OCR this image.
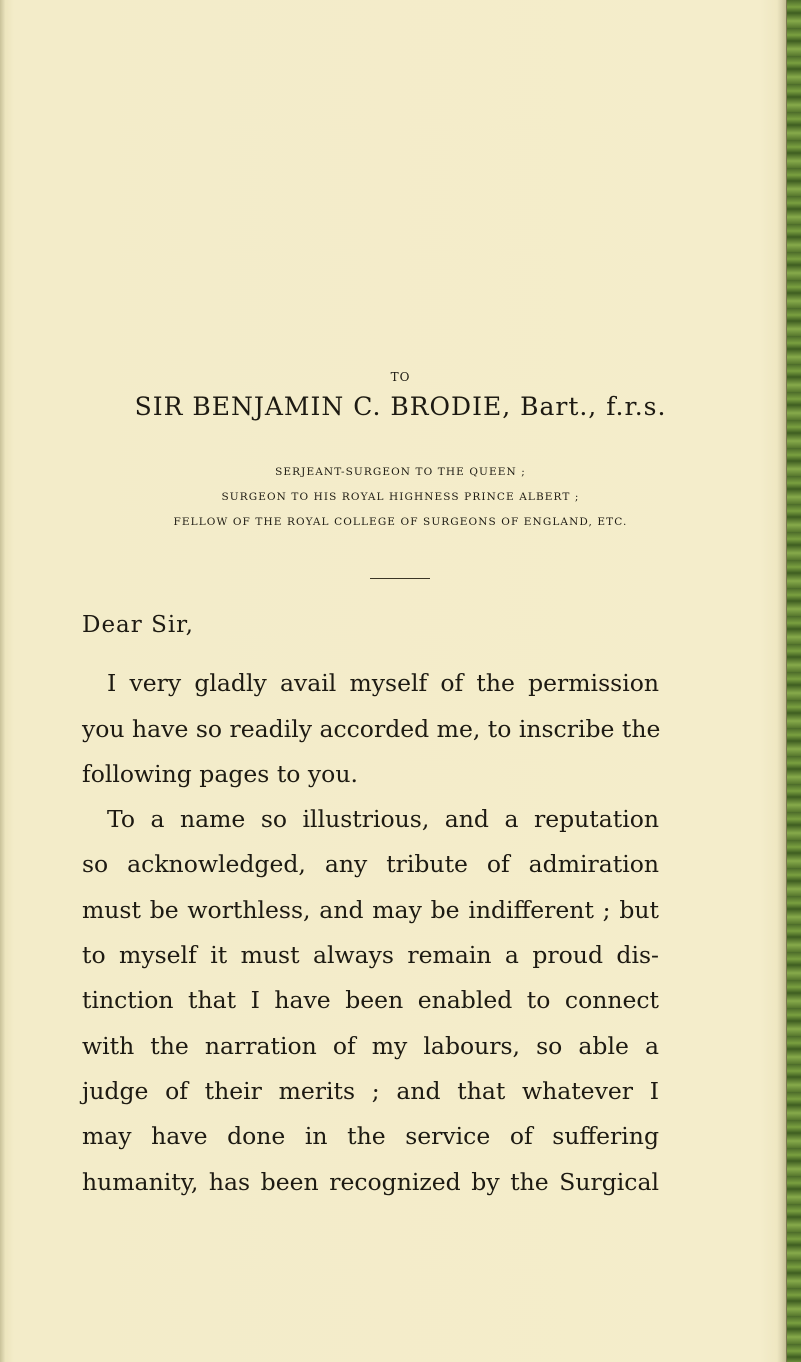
TO
SIR BENJAMIN C. BRODIE, Bart., f.r.s.
SERJEANT-SURGEON TO THE QUEEN ;
SURGEON TO HIS ROYAL HIGHNESS PRINCE ALBERT ;
FELLOW OF THE ROYAL COLLEGE OF SURGEONS OF ENGLAND, ETC.
Dear Sir,
I very gladly avail myself of the permission
you have so readily accorded me, to inscribe the
following pages to you.
To a name so illustrious, and a reputation
so acknowledged, any tribute of admiration
must be worthless, and may be indifferent ; but
to myself it must always remain a proud dis-
tinction that I have been enabled to connect
with the narration of my labours, so able a
judge of their merits ; and that whatever I
may have done in the service of suffering
humanity, has been recognized by the Surgical
